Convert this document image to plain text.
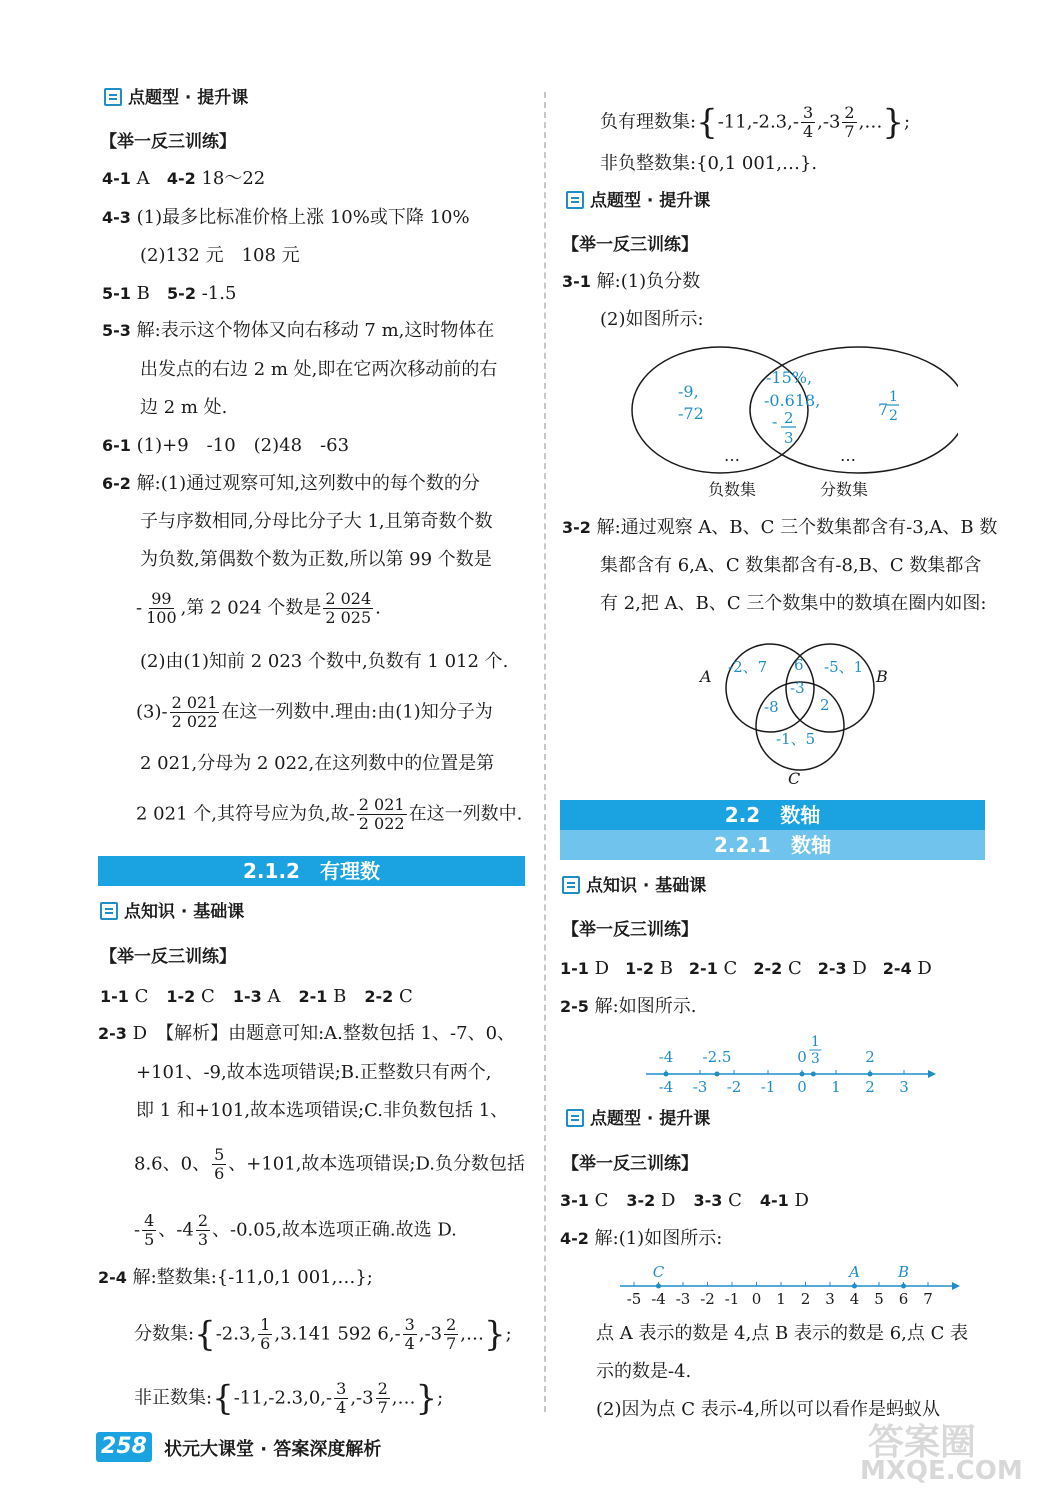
点题型 · 提升课
【举一反三训练】
4-1 A 4-2 18～22
4-3 (1)最多比标准价格上涨 10%或下降 10%
(2)132 元　108 元
5-1 B 5-2 -1.5
5-3 解:表示这个物体又向右移动 7 m,这时物体在
出发点的右边 2 m 处,即在它两次移动前的右
边 2 m 处.
6-1 (1)+9　-10　(2)48　-63
6-2 解:(1)通过观察可知,这列数中的每个数的分
子与序数相同,分母比分子大 1,且第奇数个数
为负数,第偶数个数为正数,所以第 99 个数是
- $\frac{99}{100}$ ,第 2 024 个数是 $\frac{2 024}{2 025}$ .
(2)由(1)知前 2 023 个数中,负数有 1 012 个.
$(3)- \frac{2 021}{2 022}$ 在这一列数中.理由:由(1)知分子为
2 021,分母为 2 022,在这列数中的位置是第
2 021 个,其符号应为负,故- $\frac{2 021}{2 022}$ 在这一列数中.
2.1.2　有理数
点知识 · 基础课
【举一反三训练】
1-1 C 1-2 C 1-3 A 2-1 B 2-2 C
2-3 D　【解析】由题意可知:A.整数包括 1、-7、0、
+101、-9,故本选项错误;B.正整数只有两个,
即 1 和+101,故本选项错误;C.非负数包括 1、
8.6、0、 $\frac{5}{6}$ 、+101,故本选项错误;D.负分数包括
- $\frac{4}{5}$ 、$-4 \frac{2}{3}$ 、-0.05,故本选项正确.故选 D.
2-4 解:整数集:{-11,0,1 001,…};
分数集:{-2.3, $\frac{1}{6} ,3.141$ 592 $6,- \frac{3}{4} ,-3 \frac{2}{7}$ ,…};
非正数集:{-11,-2.3,0,- $\frac{3}{4} ,-3 \frac{2}{7}$ ,…};
负有理数集:{-11,-2.3,- $\frac{3}{4} ,-3 \frac{2}{7}$ ,…};
非负整数集:{0,1 001,…}.
点题型 · 提升课
【举一反三训练】
3-1 解:(1)负分数
(2)如图所示:
-9,
-72
-15%,
-0.618,
- 2
3
7
1
2
…	…
负数集	分数集
3-2 解:通过观察 A、B、C 三个数集都含有-3,A、B 数
集都含有 6,A、C 数集都含有-8,B、C 数集都含
有 2,把 A、B、C 三个数集中的数填在圈内如图:
A	B
C
-2、7 6 -5、1
-3
-8	2
-1、5
2.2　数轴
2.2.1　数轴
点知识 · 基础课
【举一反三训练】
1-1 D 1-2 B 2-1 C 2-2 C 2-3 D 2-4 D
2-5 解:如图所示.
-4 -3 -2 -1 0 1 2 3
-4 -2.5	0	2
1
3
点题型 · 提升课
【举一反三训练】
3-1 C 3-2 D 3-3 C 4-1 D
4-2 解:(1)如图所示:
-5 -4 -3 -2 -1 0 1 2 3 4 5 6 7
C	A	B
点 A 表示的数是 4,点 B 表示的数是 6,点 C 表
示的数是-4.
(2)因为点 C 表示-4,所以可以看作是蚂蚁从
258 状元大课堂 · 答案深度解析	答案圈
MXQE.COM
